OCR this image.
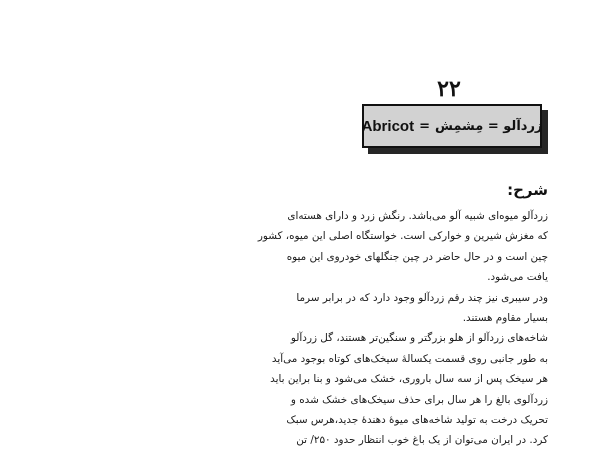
۲۲
زرد‌آلو = مِشمِش
=
Abricot
شرح:
زردآلو میوه‌ای شبیه آلو می‌باشد. رنگش زرد و دارای هسته‌ای
که مغزش شیرین و خوارکی است. خواستگاه اصلی این میوه، کشور
چین است و در حال حاضر در چین جنگلهای خودروی این میوه
یافت می‌شود.
ودر سیبری نیز چند رقم زردآلو وجود دارد که در برابر سرما
بسیار مقاوم هستند.
شاخه‌های زردآلو از هلو بزرگتر و سنگین‌تر هستند، گل زردآلو
به طور جانبی روی قسمت یکسالهٔ سیخک‌های کوتاه بوجود می‌آید
هر سیخک پس از سه سال باروری، خشک می‌شود و بنا براین باید
زردآلوی بالغ را هر سال برای حذف سیخک‌های خشک شده و
تحریک درخت به تولید شاخه‌های میوهٔ دهندهٔ جدید،هرس سبک
کرد. در ایران می‌توان از یک باغ خوب انتظار حدود ۲۵۰/ تن
